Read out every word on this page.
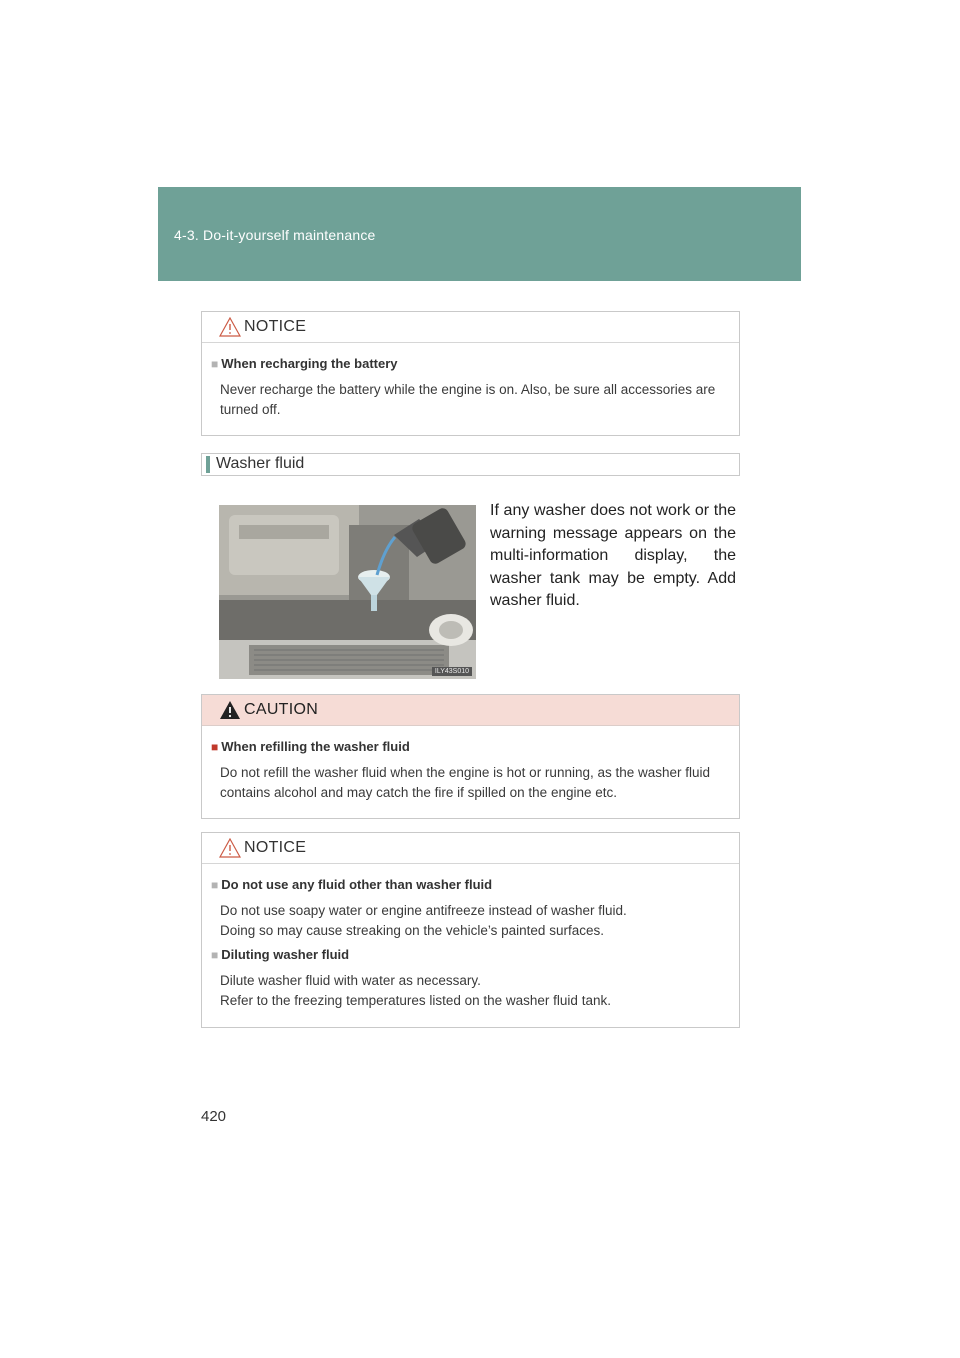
4-3. Do-it-yourself maintenance
NOTICE
■ When recharging the battery
Never recharge the battery while the engine is on. Also, be sure all accessories are
turned off.
Washer fluid
ILY43S010
If any washer does not work or the warning message appears on the multi-information display, the washer tank may be empty. Add washer fluid.
CAUTION
■ When refilling the washer fluid
Do not refill the washer fluid when the engine is hot or running, as the washer fluid
contains alcohol and may catch the fire if spilled on the engine etc.
NOTICE
■ Do not use any fluid other than washer fluid
Do not use soapy water or engine antifreeze instead of washer fluid.
Doing so may cause streaking on the vehicle’s painted surfaces.
■ Diluting washer fluid
Dilute washer fluid with water as necessary.
Refer to the freezing temperatures listed on the washer fluid tank.
420
